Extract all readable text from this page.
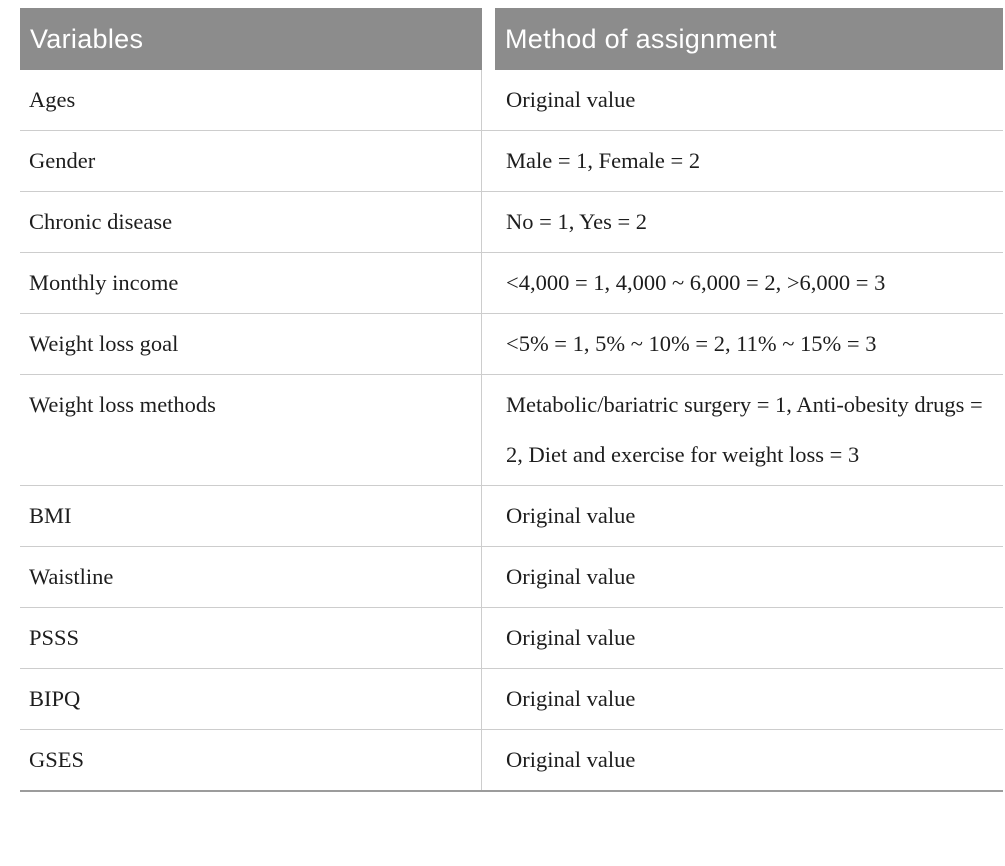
Variables	Method of assignment
Ages	Original value
Gender	Male = 1, Female = 2
Chronic disease	No = 1, Yes = 2
Monthly income	<4,000 = 1, 4,000 ~ 6,000 = 2, >6,000 = 3
Weight loss goal	<5% = 1, 5% ~ 10% = 2, 11% ~ 15% = 3
Weight loss methods	Metabolic/bariatric surgery = 1, Anti-obesity drugs = 2, Diet and exercise for weight loss = 3
BMI	Original value
Waistline	Original value
PSSS	Original value
BIPQ	Original value
GSES	Original value
